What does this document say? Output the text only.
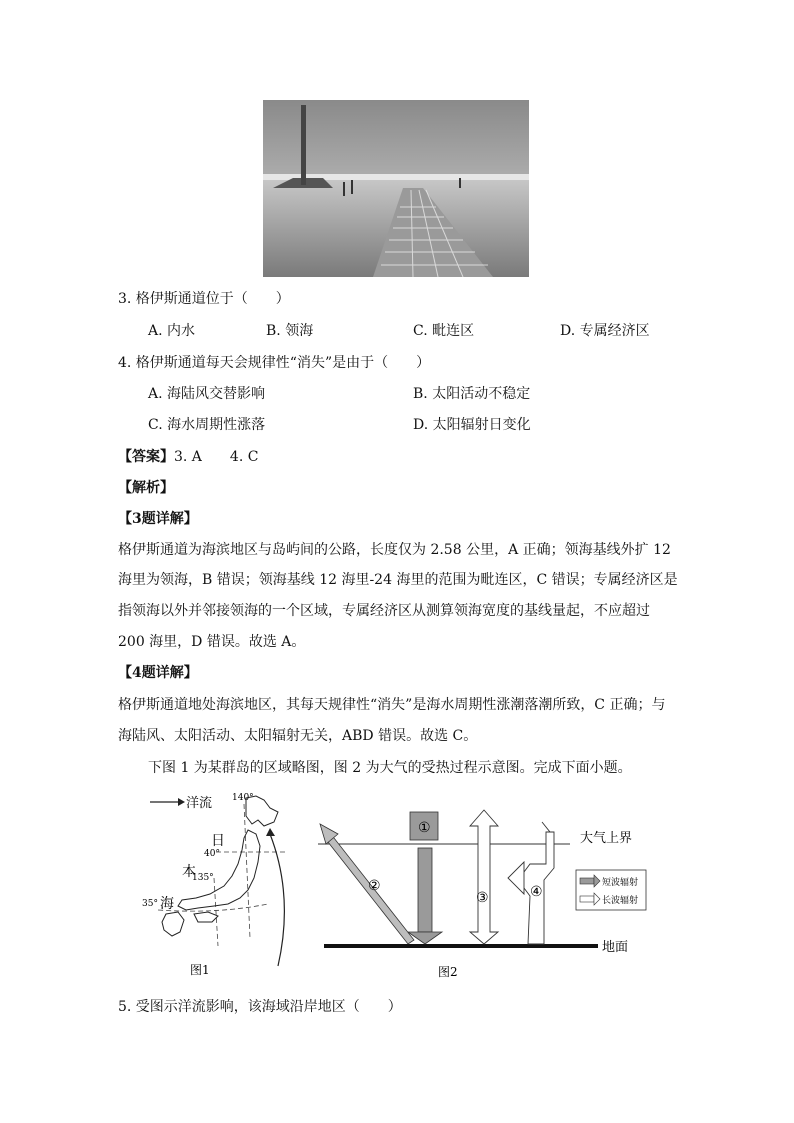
3. 格伊斯通道位于（　　）
A. 内水	B. 领海	C. 毗连区	D. 专属经济区
4. 格伊斯通道每天会规律性“消失”是由于（　　）
A. 海陆风交替影响	B. 太阳活动不稳定
C. 海水周期性涨落	D. 太阳辐射日变化
【答案】3. A　　4. C
【解析】
【3题详解】
格伊斯通道为海滨地区与岛屿间的公路，长度仅为 2.58 公里，A 正确；领海基线外扩 12
海里为领海，B 错误；领海基线 12 海里-24 海里的范围为毗连区，C 错误；专属经济区是
指领海以外并邻接领海的一个区域，专属经济区从测算领海宽度的基线量起，不应超过
200 海里，D 错误。故选 A。
【4题详解】
格伊斯通道地处海滨地区，其每天规律性“消失”是海水周期性涨潮落潮所致，C 正确；与
海陆风、太阳活动、太阳辐射无关，ABD 错误。故选 C。
下图 1 为某群岛的区域略图，图 2 为大气的受热过程示意图。完成下面小题。
洋流 140°
日
本
40°
海
135°
35°
图1
大气上界
地面
①
②
③	④
短波辐射
长波辐射
图2
5. 受图示洋流影响，该海域沿岸地区（　　）
